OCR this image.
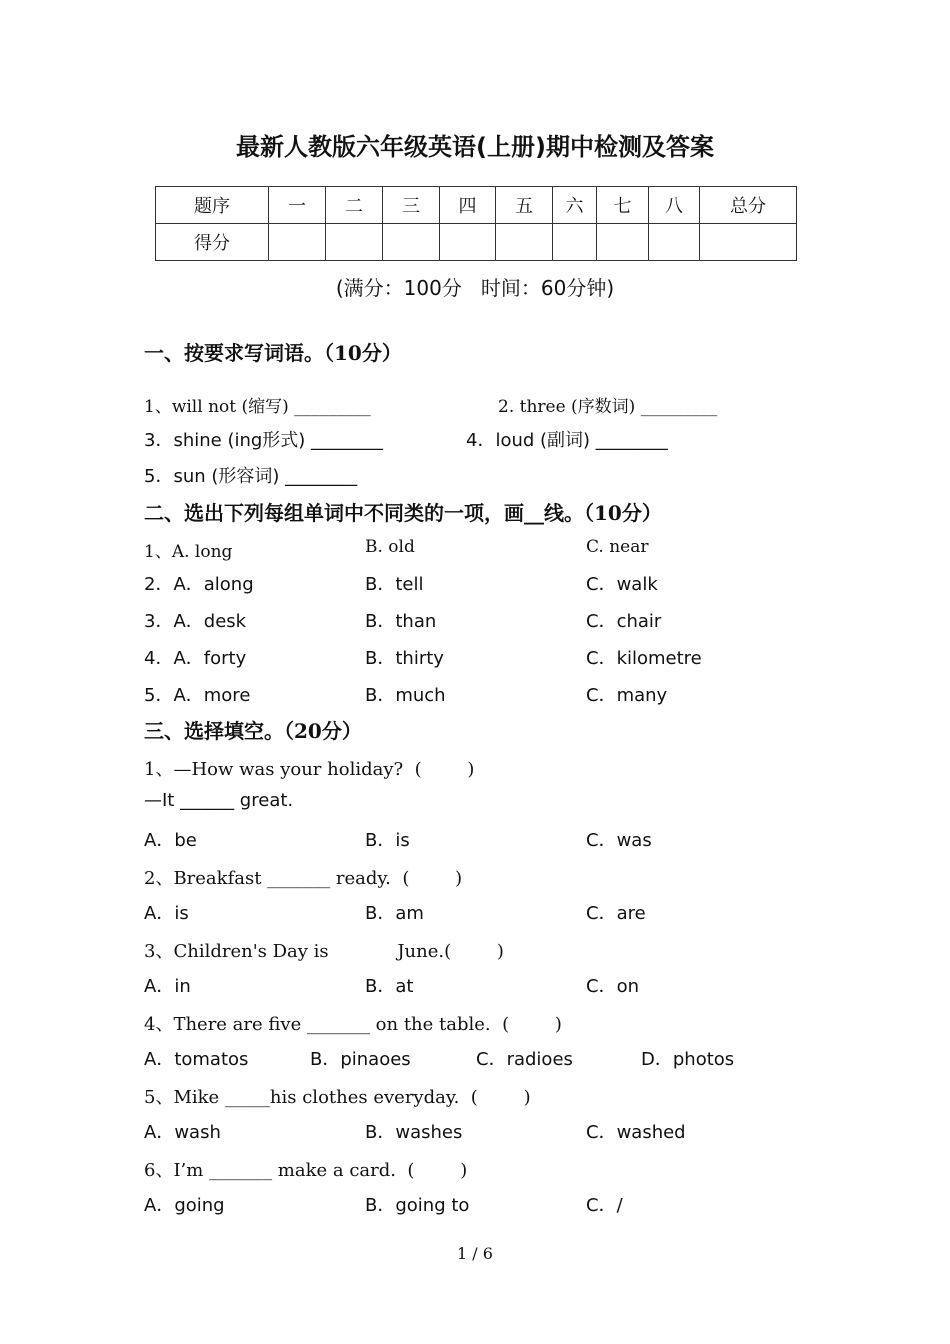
最新人教版六年级英语(上册)期中检测及答案
题序	一	二	三	四	五	六	七	八	总分
得分									
(满分：100分   时间：60分钟)
一、按要求写词语。（10分）
1、will not (缩写) _________	2. three (序数词) _________
3．shine (ing形式) ________	4．loud (副词) ________
5．sun (形容词) ________
二、选出下列每组单词中不同类的一项，画__线。（10分）
1、A. long	B. old	C. near
2．A．along	B．tell	C．walk
3．A．desk	B．than	C．chair
4．A．forty	B．thirty	C．kilometre
5．A．more	B．much	C．many
三、选择填空。（20分）
1、—How was your holiday?  (        )
—It ______ great.
A．be	B．is	C．was
2、Breakfast _______ ready.  (        )
A．is	B．am	C．are
3、Children's Day is            June.(        )
A．in	B．at	C．on
4、There are five _______ on the table.  (        )
A．tomatos	B．pinaoes	C．radioes	D．photos
5、Mike _____his clothes everyday.  (        )
A．wash	B．washes	C．washed
6、I’m _______ make a card.  (        )
A．going	B．going to	C．/
1 / 6
